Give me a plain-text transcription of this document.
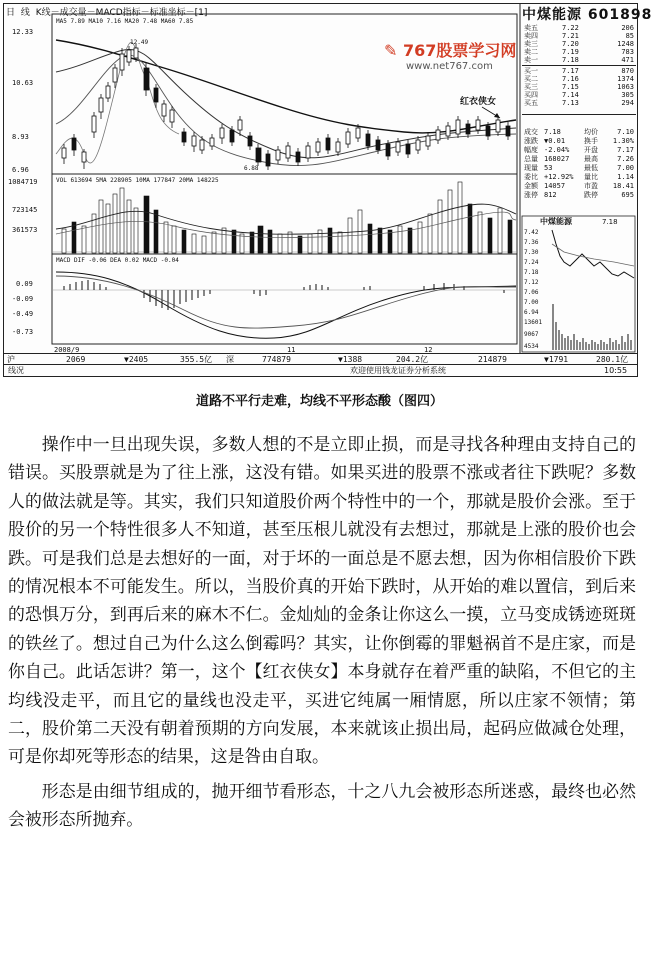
日 线 K线－成交量－MACD指标－标准坐标－[1]	中煤能源 601898
✎ 767股票学习网
www.net767.com
MA5 7.89 MA10 7.16 MA20 7.48 MA60 7.85
12.33
10.63
8.93
6.96
12.49
6.88
红衣侠女
VOL 613694 5MA 228905 10MA 177847 20MA 148225
1084719
723145
361573
MACD DIF -0.06 DEA 0.02 MACD -0.04
0.09
-0.09
-0.49
-0.73
2008/9	11	12
7.42
7.36
7.30
7.24
7.18
7.12
7.06
7.00
6.94
13601
9067
4534
中煤能源	7.18
卖五	7.22	206
卖四	7.21	85
卖三	7.20	1248
卖二	7.19	783
卖一	7.18	471
买一	7.17	870
买二	7.16	1374
买三	7.15	1063
买四	7.14	305
买五	7.13	294
成交 7.18	均价	7.10
涨跌 ▼0.01	换手 1.30%
幅度 -2.04% 开盘	7.17
总量 168027 最高	7.26
现量 53	最低	7.00
委比 +12.92% 量比	1.14
金额 14057	市盈 18.41
涨停 812	跌停	695
沪	2069	▼2405	355.5亿 深	774879	▼1388	204.2亿	214879	▼1791	280.1亿
线况	欢迎使用钱龙证券分析系统	10:55
道路不平行走难，均线不平形态酸（图四）

操作中一旦出现失误，多数人想的不是立即止损，而是寻找各种理由支持自己的错误。买股票就是为了往上涨，这没有错。如果买进的股票不涨或者往下跌呢？多数人的做法就是等。其实，我们只知道股价两个特性中的一个，那就是股价会涨。至于股价的另一个特性很多人不知道，甚至压根儿就没有去想过，那就是上涨的股价也会跌。可是我们总是去想好的一面，对于坏的一面总是不愿去想，因为你相信股价下跌的情况根本不可能发生。所以，当股价真的开始下跌时，从开始的难以置信，到后来的恐惧万分，到再后来的麻木不仁。金灿灿的金条让你这么一摸，立马变成锈迹斑斑的铁丝了。想过自己为什么这么倒霉吗？其实，让你倒霉的罪魁祸首不是庄家，而是你自己。此话怎讲？第一，这个【红衣侠女】本身就存在着严重的缺陷，不但它的主均线没走平，而且它的量线也没走平，买进它纯属一厢情愿，所以庄家不领情；第二，股价第二天没有朝着预期的方向发展，本来就该止损出局，起码应做减仓处理，可是你却死等形态的结果，这是咎由自取。

形态是由细节组成的，抛开细节看形态，十之八九会被形态所迷惑，最终也必然会被形态所抛弃。
